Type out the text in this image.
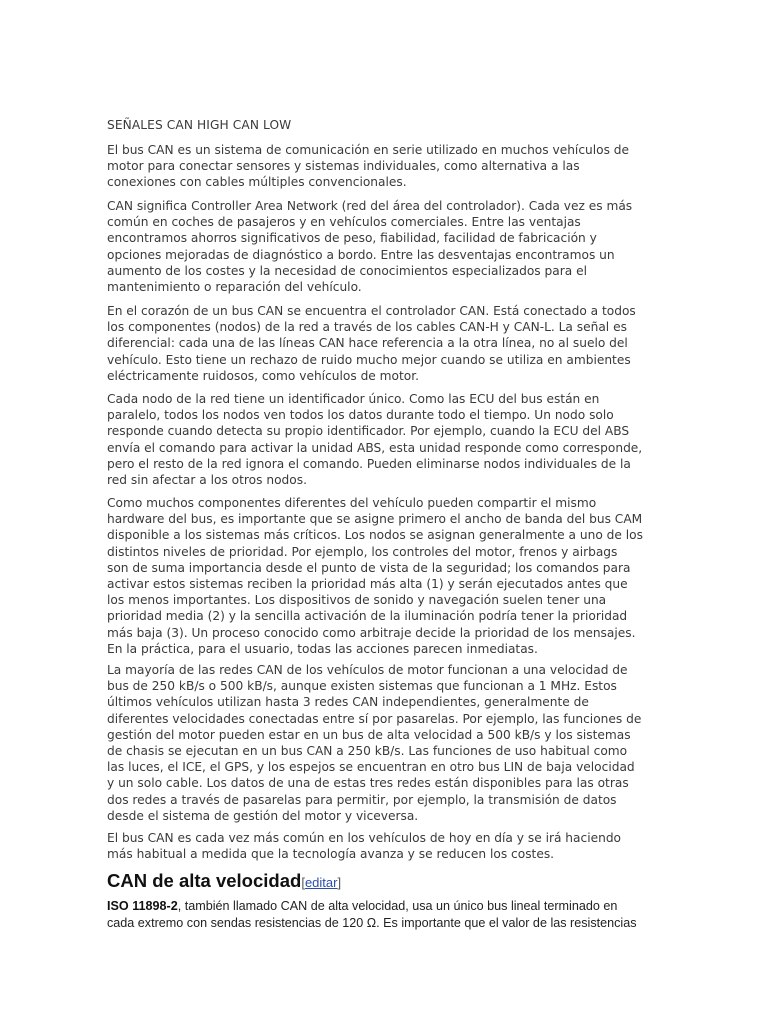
SEÑALES CAN HIGH CAN LOW
El bus CAN es un sistema de comunicación en serie utilizado en muchos vehículos de
motor para conectar sensores y sistemas individuales, como alternativa a las
conexiones con cables múltiples convencionales.
CAN significa Controller Area Network (red del área del controlador). Cada vez es más
común en coches de pasajeros y en vehículos comerciales. Entre las ventajas
encontramos ahorros significativos de peso, fiabilidad, facilidad de fabricación y
opciones mejoradas de diagnóstico a bordo. Entre las desventajas encontramos un
aumento de los costes y la necesidad de conocimientos especializados para el
mantenimiento o reparación del vehículo.
En el corazón de un bus CAN se encuentra el controlador CAN. Está conectado a todos
los componentes (nodos) de la red a través de los cables CAN-H y CAN-L. La señal es
diferencial: cada una de las líneas CAN hace referencia a la otra línea, no al suelo del
vehículo. Esto tiene un rechazo de ruido mucho mejor cuando se utiliza en ambientes
eléctricamente ruidosos, como vehículos de motor.
Cada nodo de la red tiene un identificador único. Como las ECU del bus están en
paralelo, todos los nodos ven todos los datos durante todo el tiempo. Un nodo solo
responde cuando detecta su propio identificador. Por ejemplo, cuando la ECU del ABS
envía el comando para activar la unidad ABS, esta unidad responde como corresponde,
pero el resto de la red ignora el comando. Pueden eliminarse nodos individuales de la
red sin afectar a los otros nodos.
Como muchos componentes diferentes del vehículo pueden compartir el mismo
hardware del bus, es importante que se asigne primero el ancho de banda del bus CAM
disponible a los sistemas más críticos. Los nodos se asignan generalmente a uno de los
distintos niveles de prioridad. Por ejemplo, los controles del motor, frenos y airbags
son de suma importancia desde el punto de vista de la seguridad; los comandos para
activar estos sistemas reciben la prioridad más alta (1) y serán ejecutados antes que
los menos importantes. Los dispositivos de sonido y navegación suelen tener una
prioridad media (2) y la sencilla activación de la iluminación podría tener la prioridad
más baja (3). Un proceso conocido como arbitraje decide la prioridad de los mensajes.
En la práctica, para el usuario, todas las acciones parecen inmediatas.
La mayoría de las redes CAN de los vehículos de motor funcionan a una velocidad de
bus de 250 kB/s o 500 kB/s, aunque existen sistemas que funcionan a 1 MHz. Estos
últimos vehículos utilizan hasta 3 redes CAN independientes, generalmente de
diferentes velocidades conectadas entre sí por pasarelas. Por ejemplo, las funciones de
gestión del motor pueden estar en un bus de alta velocidad a 500 kB/s y los sistemas
de chasis se ejecutan en un bus CAN a 250 kB/s. Las funciones de uso habitual como
las luces, el ICE, el GPS, y los espejos se encuentran en otro bus LIN de baja velocidad
y un solo cable. Los datos de una de estas tres redes están disponibles para las otras
dos redes a través de pasarelas para permitir, por ejemplo, la transmisión de datos
desde el sistema de gestión del motor y viceversa.
El bus CAN es cada vez más común en los vehículos de hoy en día y se irá haciendo
más habitual a medida que la tecnología avanza y se reducen los costes.
CAN de alta velocidad[editar]
ISO 11898-2, también llamado CAN de alta velocidad, usa un único bus lineal terminado en
cada extremo con sendas resistencias de 120 Ω. Es importante que el valor de las resistencias
